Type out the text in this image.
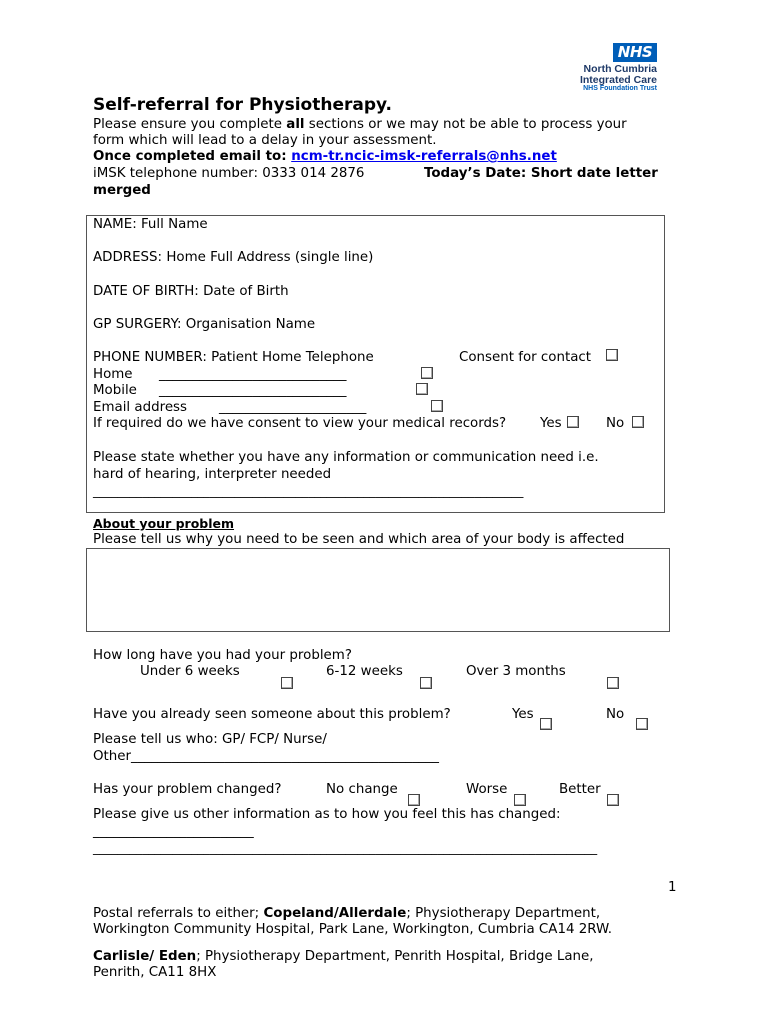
NHS
North Cumbria
Integrated Care
NHS Foundation Trust
Self-referral for Physiotherapy.
Please ensure you complete all sections or we may not be able to process your
form which will lead to a delay in your assessment.
Once completed email to: ncm-tr.ncic-imsk-referrals@nhs.net
iMSK telephone number: 0333 014 2876	Today’s Date: Short date letter
merged
NAME: Full Name
ADDRESS: Home Full Address (single line)
DATE OF BIRTH: Date of Birth
GP SURGERY: Organisation Name
PHONE NUMBER: Patient Home Telephone	Consent for contact
Home ____________________________
Mobile ____________________________
Email address ______________________
If required do we have consent to view your medical records?	Yes	No
Please state whether you have any information or communication need i.e.
hard of hearing, interpreter needed
______________________________________________________________________
About your problem
Please tell us why you need to be seen and which area of your body is affected
How long have you had your problem?
Under 6 weeks	6-12 weeks	Over 3 months
Have you already seen someone about this problem?	Yes	No
Please tell us who: GP/ FCP/ Nurse/
Other______________________________________________
Has your problem changed?	No change	Worse	Better
Please give us other information as to how you feel this has changed:
________________________
__________________________________________________________________________________
1
Postal referrals to either; Copeland/Allerdale; Physiotherapy Department,
Workington Community Hospital, Park Lane, Workington, Cumbria CA14 2RW.
Carlisle/ Eden; Physiotherapy Department, Penrith Hospital, Bridge Lane,
Penrith, CA11 8HX
